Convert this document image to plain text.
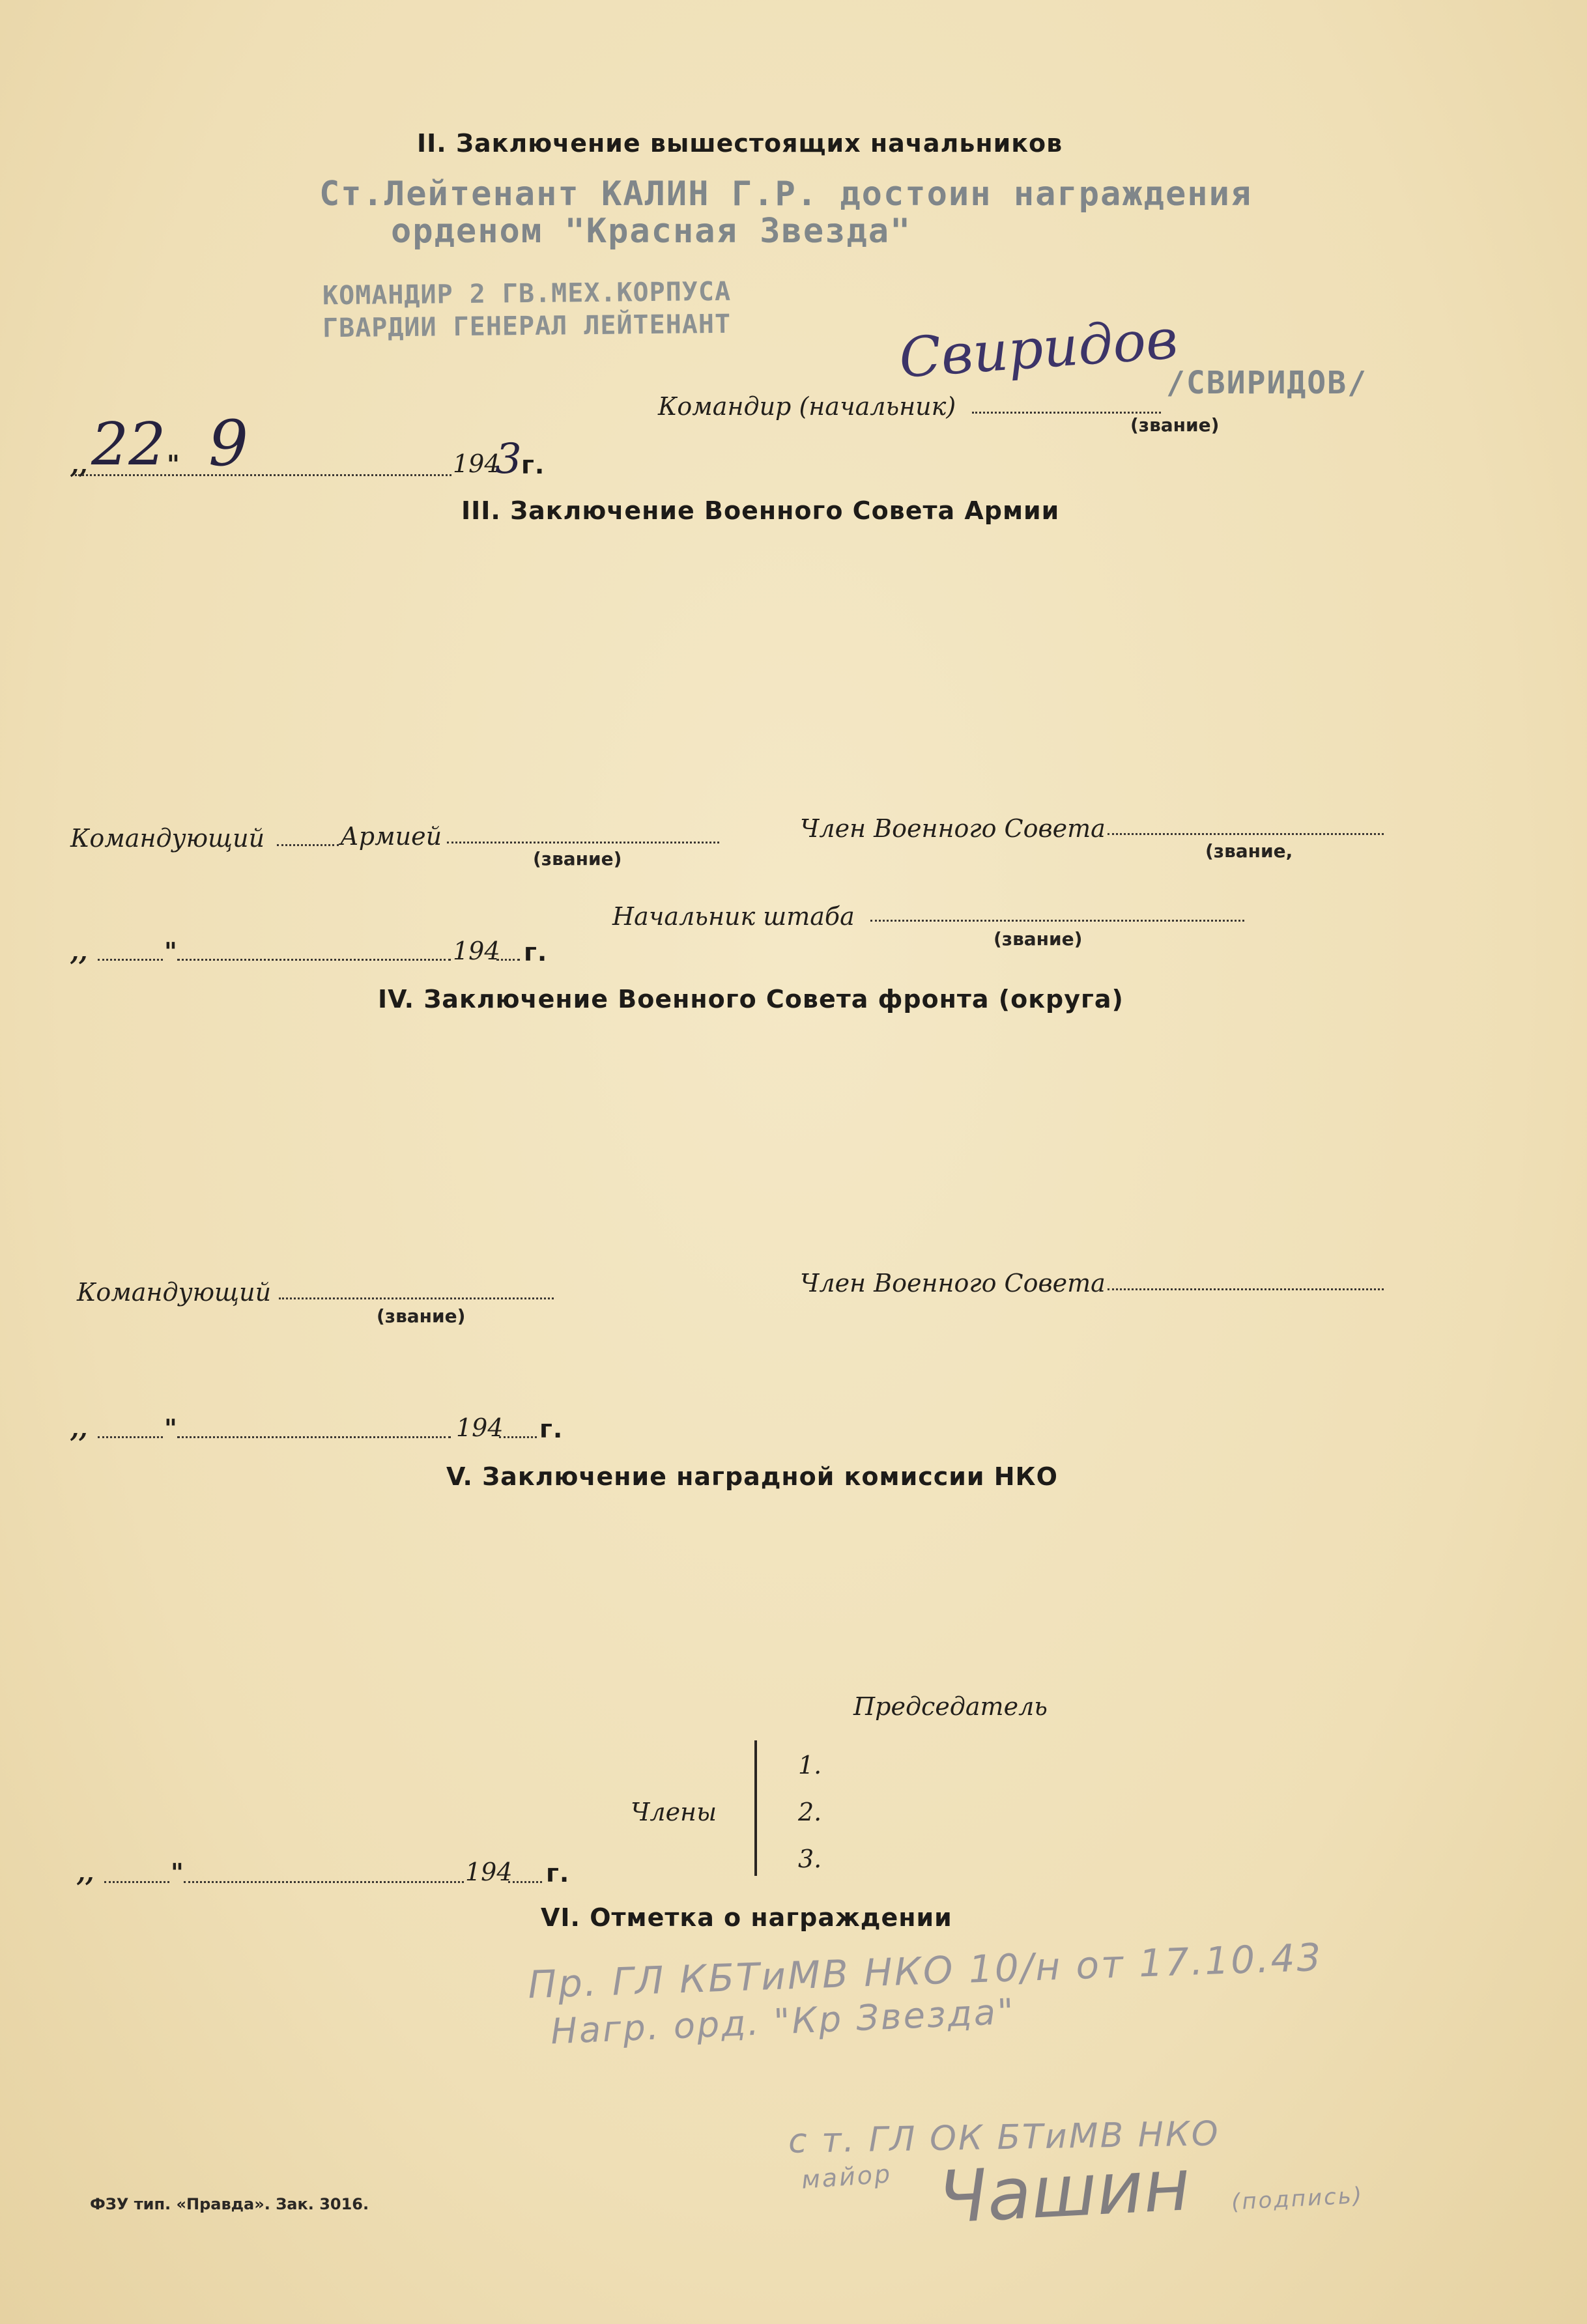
II. Заключение вышестоящих начальников
Ст.Лейтенант КАЛИН Г.Р. достоин награждения
орденом "Красная Звезда"
КОМАНДИР 2 ГВ.МЕХ.КОРПУСА
ГВАРДИИ ГЕНЕРАЛ ЛЕЙТЕНАНТ	Свиридов
Командир (начальник)
/СВИРИДОВ/
(звание)
,, 22 " 9	194
3 г.
III. Заключение Военного Совета Армии
Командующий	Армией
(звание)
Член Военного Совета
(звание,
Начальник штаба
(звание)
,,	"	194 г.
IV. Заключение Военного Совета фронта (округа)
Командующий
(звание)
Член Военного Совета
,,	"	194 г.
V. Заключение наградной комиссии НКО
Председатель
Члены
1.
2.
3.
,,	"	194 г.
VI. Отметка о награждении
Пр. ГЛ КБТиМВ НКО 10/н от 17.10.43
Нагр. орд. "Кр Звезда"
с т. ГЛ ОК БТиМВ НКО
майор Чашин (подпись)
ФЗУ тип. «Правда». Зак. 3016.
